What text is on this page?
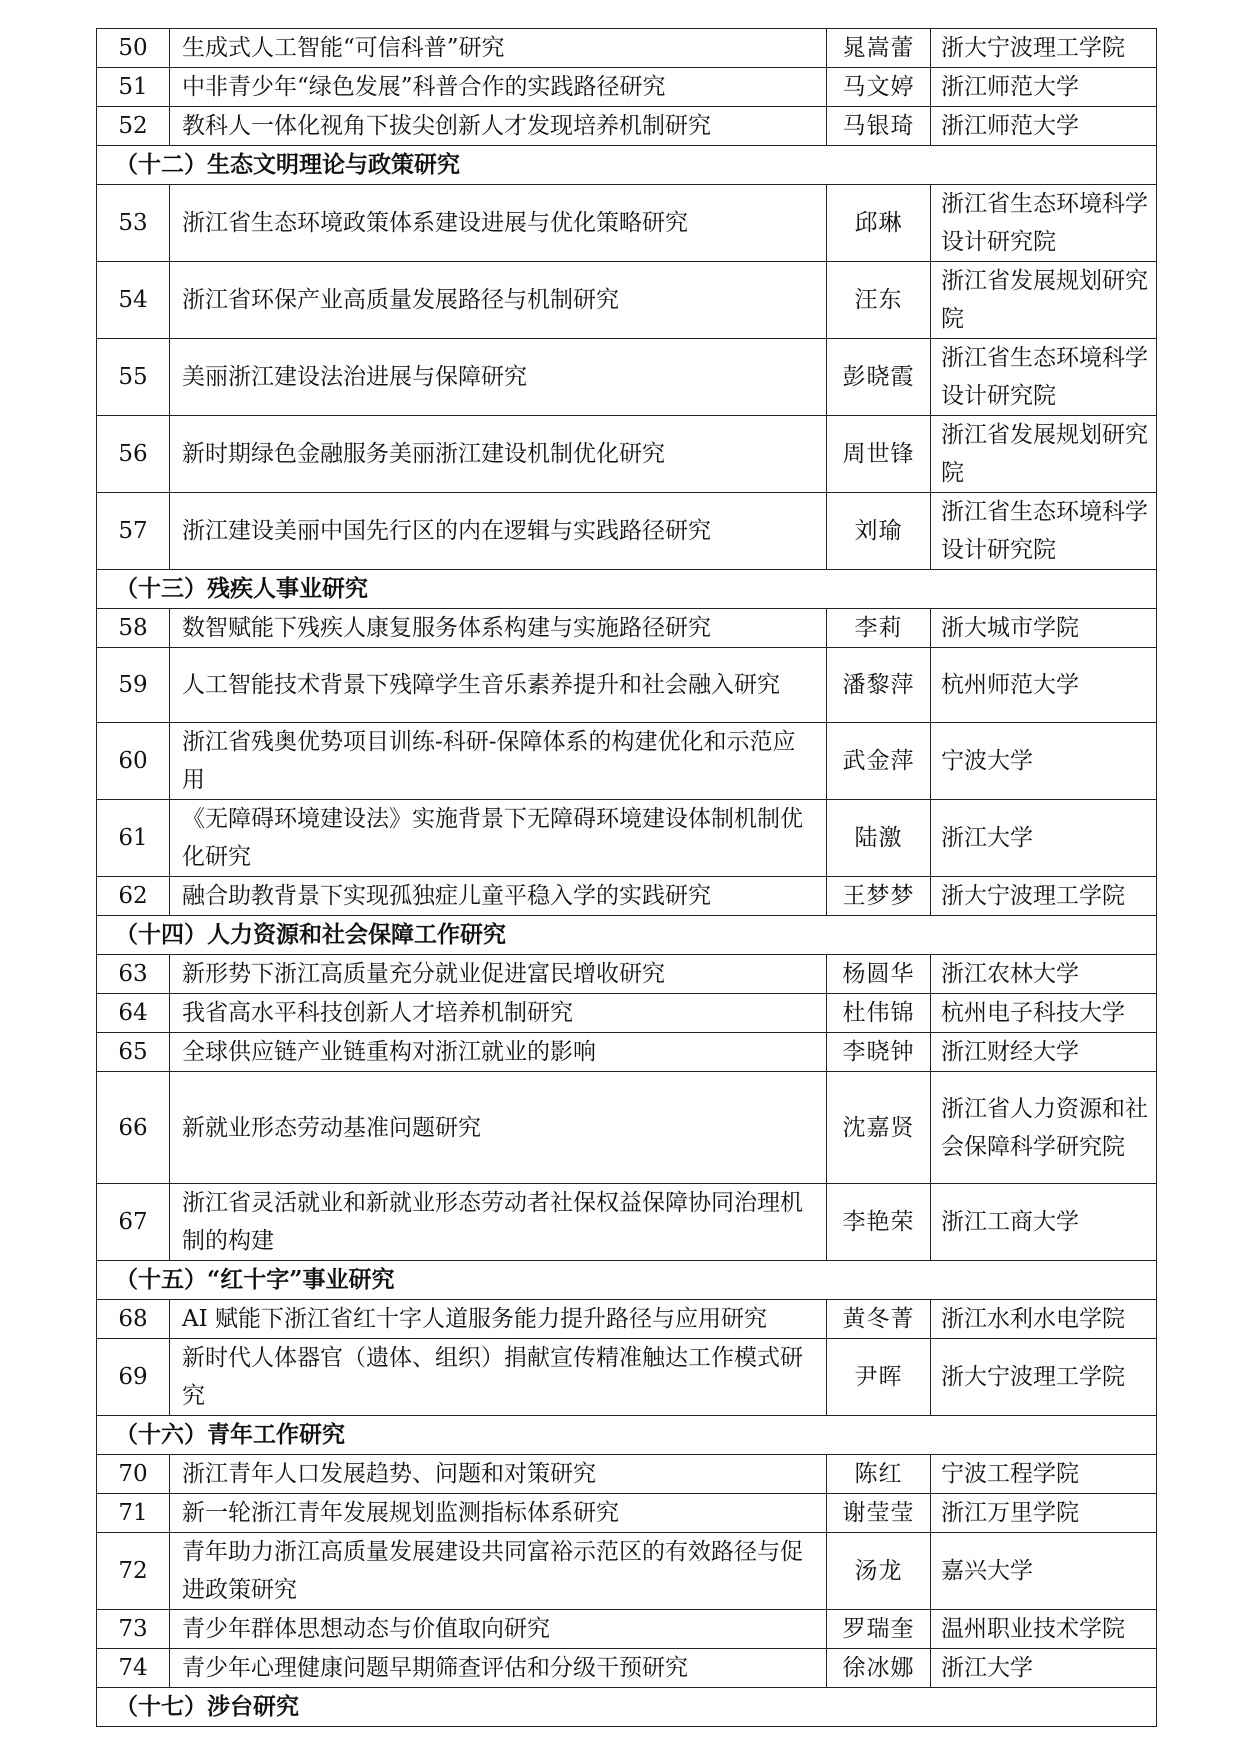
50	生成式人工智能“可信科普”研究	晁嵩蕾	浙大宁波理工学院
51	中非青少年“绿色发展”科普合作的实践路径研究	马文婷	浙江师范大学
52	教科人一体化视角下拔尖创新人才发现培养机制研究	马银琦	浙江师范大学
（十二）生态文明理论与政策研究			
53	浙江省生态环境政策体系建设进展与优化策略研究	邱琳	浙江省生态环境科学设计研究院
54	浙江省环保产业高质量发展路径与机制研究	汪东	浙江省发展规划研究院
55	美丽浙江建设法治进展与保障研究	彭晓霞	浙江省生态环境科学设计研究院
56	新时期绿色金融服务美丽浙江建设机制优化研究	周世锋	浙江省发展规划研究院
57	浙江建设美丽中国先行区的内在逻辑与实践路径研究	刘瑜	浙江省生态环境科学设计研究院
（十三）残疾人事业研究			
58	数智赋能下残疾人康复服务体系构建与实施路径研究	李莉	浙大城市学院
59	人工智能技术背景下残障学生音乐素养提升和社会融入研究	潘黎萍	杭州师范大学
60	浙江省残奥优势项目训练-科研-保障体系的构建优化和示范应用	武金萍	宁波大学
61	《无障碍环境建设法》实施背景下无障碍环境建设体制机制优化研究	陆激	浙江大学
62	融合助教背景下实现孤独症儿童平稳入学的实践研究	王梦梦	浙大宁波理工学院
（十四）人力资源和社会保障工作研究			
63	新形势下浙江高质量充分就业促进富民增收研究	杨圆华	浙江农林大学
64	我省高水平科技创新人才培养机制研究	杜伟锦	杭州电子科技大学
65	全球供应链产业链重构对浙江就业的影响	李晓钟	浙江财经大学
66	新就业形态劳动基准问题研究	沈嘉贤	浙江省人力资源和社会保障科学研究院
67	浙江省灵活就业和新就业形态劳动者社保权益保障协同治理机制的构建	李艳荣	浙江工商大学
（十五）“红十字”事业研究			
68	AI 赋能下浙江省红十字人道服务能力提升路径与应用研究	黄冬菁	浙江水利水电学院
69	新时代人体器官（遗体、组织）捐献宣传精准触达工作模式研究	尹晖	浙大宁波理工学院
（十六）青年工作研究			
70	浙江青年人口发展趋势、问题和对策研究	陈红	宁波工程学院
71	新一轮浙江青年发展规划监测指标体系研究	谢莹莹	浙江万里学院
72	青年助力浙江高质量发展建设共同富裕示范区的有效路径与促进政策研究	汤龙	嘉兴大学
73	青少年群体思想动态与价值取向研究	罗瑞奎	温州职业技术学院
74	青少年心理健康问题早期筛查评估和分级干预研究	徐冰娜	浙江大学
（十七）涉台研究			
